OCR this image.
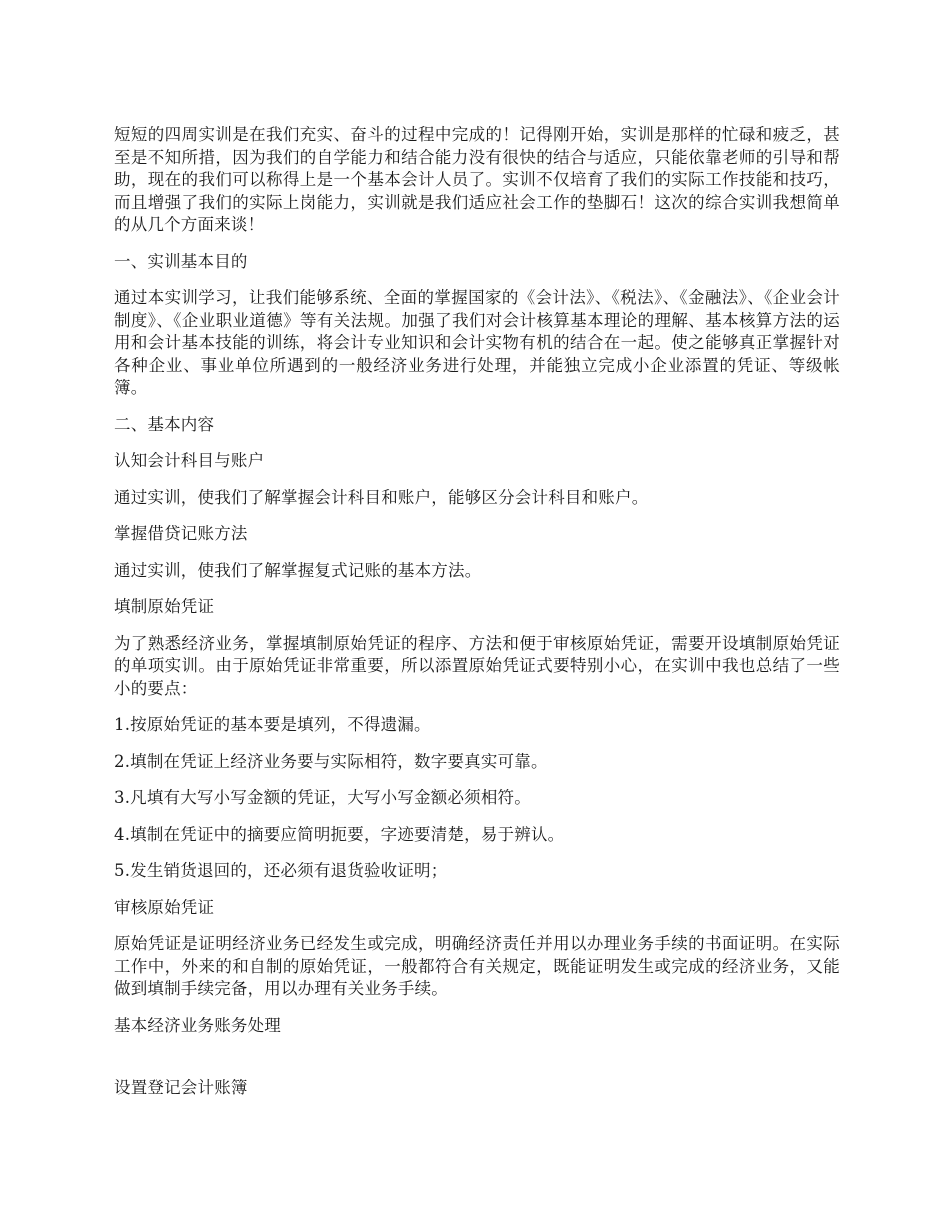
短短的四周实训是在我们充实、奋斗的过程中完成的！记得刚开始，实训是那样的忙碌和疲乏，甚至是不知所措，因为我们的自学能力和结合能力没有很快的结合与适应，只能依靠老师的引导和帮助，现在的我们可以称得上是一个基本会计人员了。实训不仅培育了我们的实际工作技能和技巧，而且增强了我们的实际上岗能力，实训就是我们适应社会工作的垫脚石！这次的综合实训我想简单的从几个方面来谈！

一、实训基本目的

通过本实训学习，让我们能够系统、全面的掌握国家的《会计法》、《税法》、《金融法》、《企业会计制度》、《企业职业道德》等有关法规。加强了我们对会计核算基本理论的理解、基本核算方法的运用和会计基本技能的训练，将会计专业知识和会计实物有机的结合在一起。使之能够真正掌握针对各种企业、事业单位所遇到的一般经济业务进行处理，并能独立完成小企业添置的凭证、等级帐簿。

二、基本内容

认知会计科目与账户

通过实训，使我们了解掌握会计科目和账户，能够区分会计科目和账户。

掌握借贷记账方法

通过实训，使我们了解掌握复式记账的基本方法。

填制原始凭证

为了熟悉经济业务，掌握填制原始凭证的程序、方法和便于审核原始凭证，需要开设填制原始凭证的单项实训。由于原始凭证非常重要，所以添置原始凭证式要特别小心，在实训中我也总结了一些小的要点：

1.按原始凭证的基本要是填列，不得遗漏。

2.填制在凭证上经济业务要与实际相符，数字要真实可靠。

3.凡填有大写小写金额的凭证，大写小写金额必须相符。

4.填制在凭证中的摘要应简明扼要，字迹要清楚，易于辨认。

5.发生销货退回的，还必须有退货验收证明；

审核原始凭证

原始凭证是证明经济业务已经发生或完成，明确经济责任并用以办理业务手续的书面证明。在实际工作中，外来的和自制的原始凭证，一般都符合有关规定，既能证明发生或完成的经济业务，又能做到填制手续完备，用以办理有关业务手续。

基本经济业务账务处理

设置登记会计账簿
